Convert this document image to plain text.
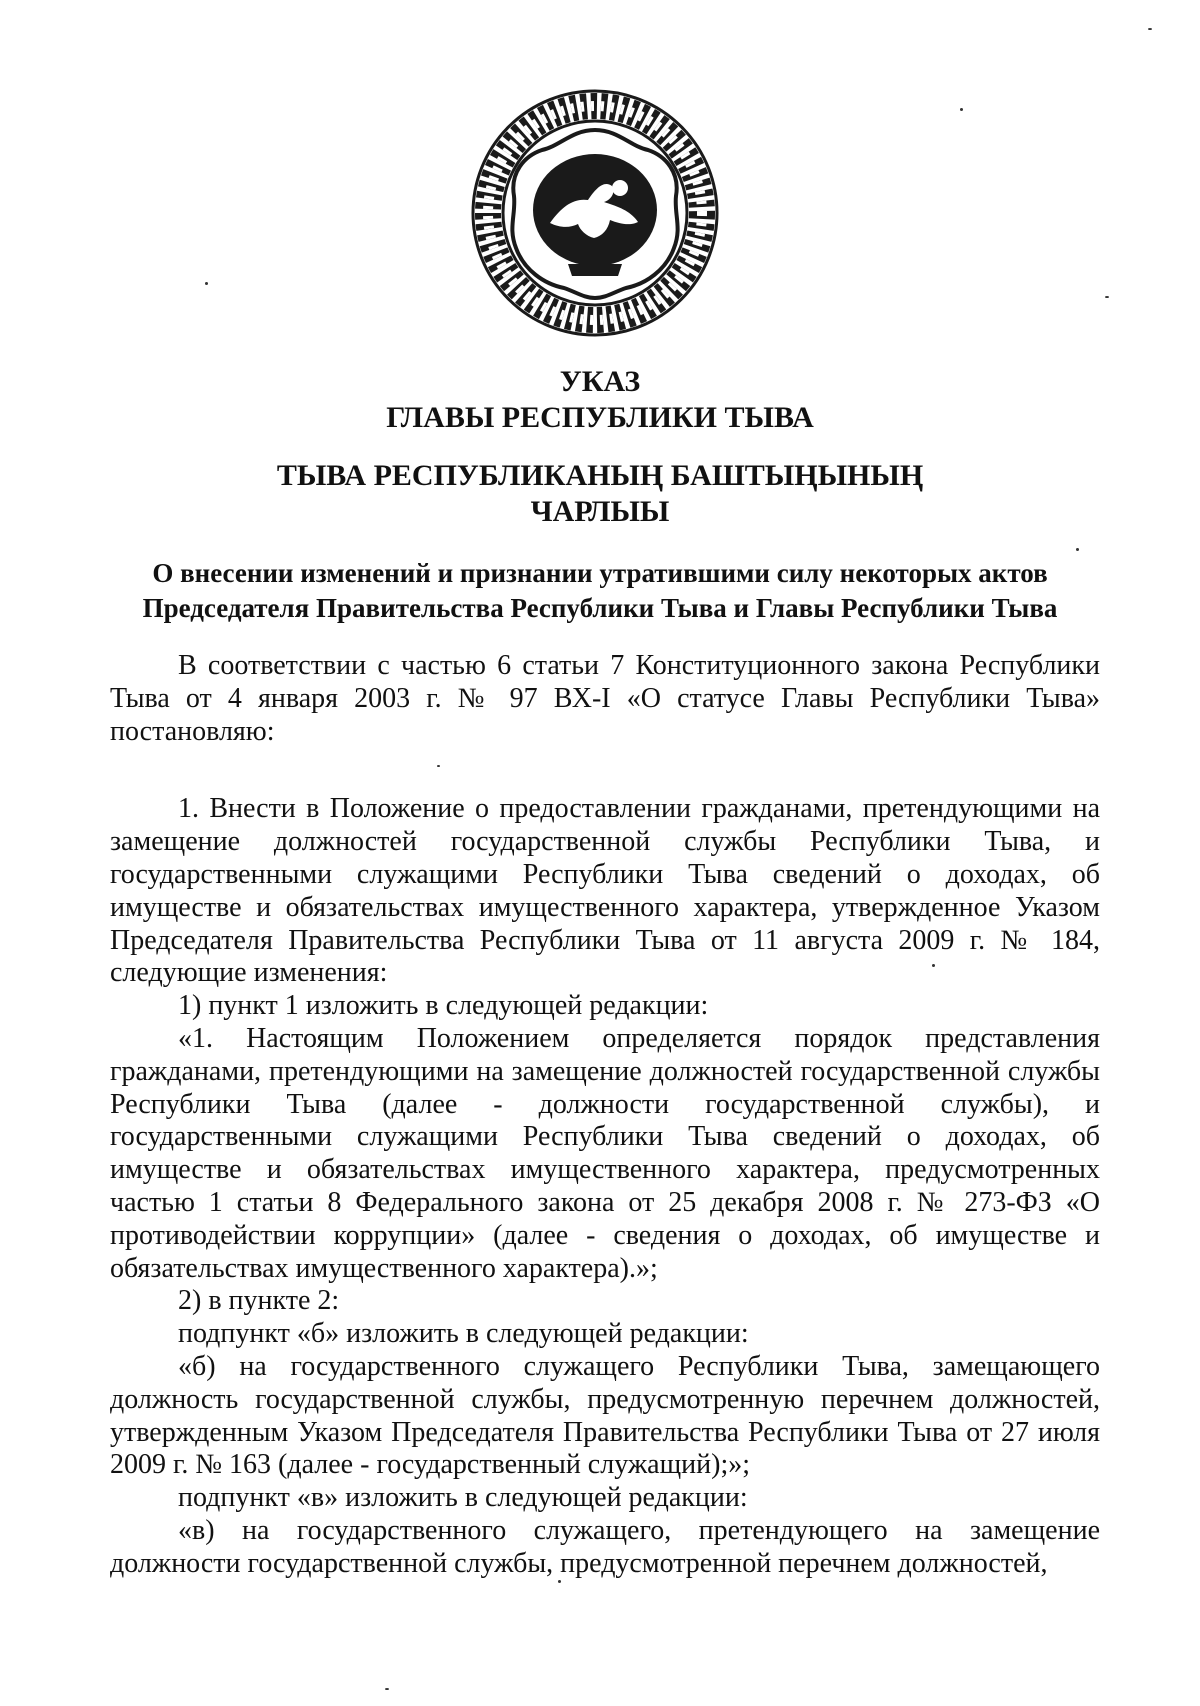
УКАЗ
ГЛАВЫ РЕСПУБЛИКИ ТЫВА
ТЫВА РЕСПУБЛИКАНЫҢ БАШТЫҢЫНЫҢ
ЧАРЛЫЫ
О внесении изменений и признании утратившими силу некоторых актов
Председателя Правительства Республики Тыва и Главы Республики Тыва

В соответствии с частью 6 статьи 7 Конституционного закона Республики Тыва от 4 января 2003 г. № 97 ВХ-I «О статусе Главы Республики Тыва» постановляю:

1. Внести в Положение о предоставлении гражданами, претендующими на замещение должностей государственной службы Республики Тыва, и государственными служащими Республики Тыва сведений о доходах, об имуществе и обязательствах имущественного характера, утвержденное Указом Председателя Правительства Республики Тыва от 11 августа 2009 г. № 184, следующие изменения:

1) пункт 1 изложить в следующей редакции:

«1. Настоящим Положением определяется порядок представления гражданами, претендующими на замещение должностей государственной службы Республики Тыва (далее - должности государственной службы), и государственными служащими Республики Тыва сведений о доходах, об имуществе и обязательствах имущественного характера, предусмотренных частью 1 статьи 8 Федерального закона от 25 декабря 2008 г. № 273-ФЗ «О противодействии коррупции» (далее - сведения о доходах, об имуществе и обязательствах имущественного характера).»;

2) в пункте 2:

подпункт «б» изложить в следующей редакции:

«б) на государственного служащего Республики Тыва, замещающего должность государственной службы, предусмотренную перечнем должностей, утвержденным Указом Председателя Правительства Республики Тыва от 27 июля 2009 г. № 163 (далее - государственный служащий);»;

подпункт «в» изложить в следующей редакции:

«в) на государственного служащего, претендующего на замещение должности государственной службы, предусмотренной перечнем должностей,
